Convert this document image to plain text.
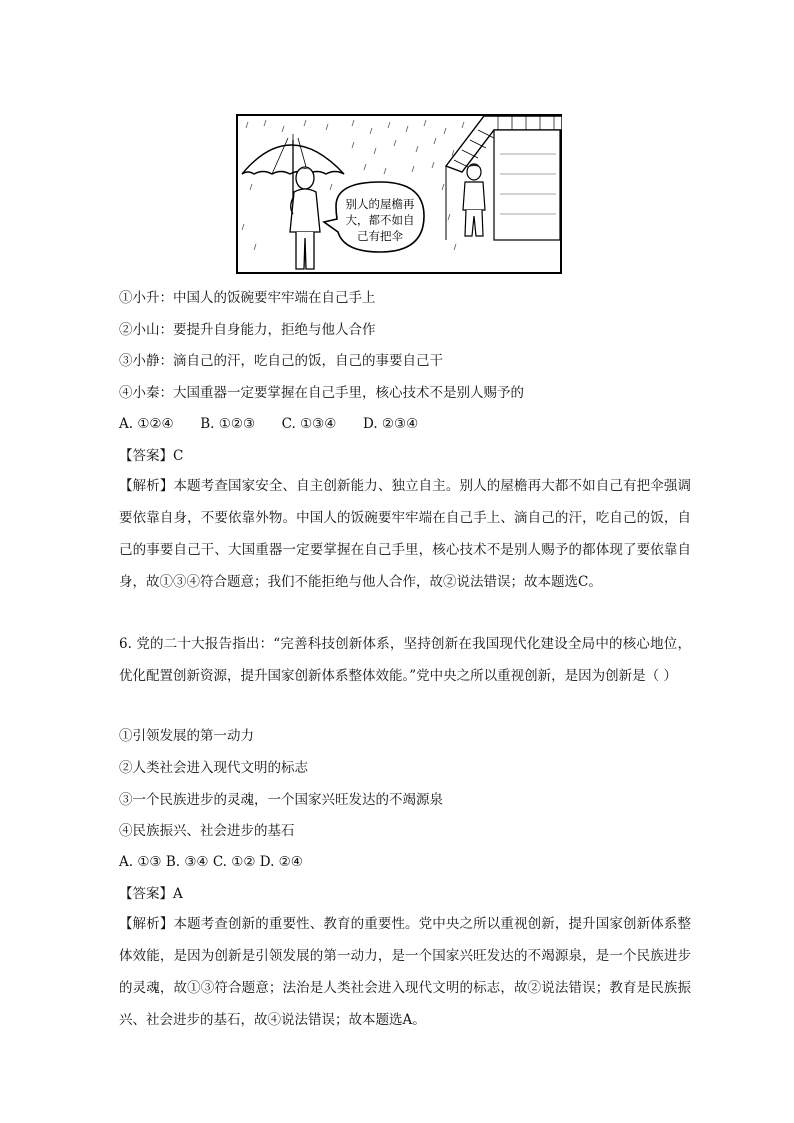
别人的屋檐再
大，都不如自
己有把伞
①小升：中国人的饭碗要牢牢端在自己手上
②小山：要提升自身能力，拒绝与他人合作
③小静：滴自己的汗，吃自己的饭，自己的事要自己干
④小秦：大国重器一定要掌握在自己手里，核心技术不是别人赐予的
A. ①②④ B. ①②③ C. ①③④ D. ②③④
【答案】C
【解析】本题考查国家安全、自主创新能力、独立自主。别人的屋檐再大都不如自己有把伞强调要依靠自身，不要依靠外物。中国人的饭碗要牢牢端在自己手上、滴自己的汗，吃自己的饭，自己的事要自己干、大国重器一定要掌握在自己手里，核心技术不是别人赐予的都体现了要依靠自身，故①③④符合题意；我们不能拒绝与他人合作，故②说法错误；故本题选C。
6. 党的二十大报告指出：“完善科技创新体系，坚持创新在我国现代化建设全局中的核心地位，优化配置创新资源，提升国家创新体系整体效能。”党中央之所以重视创新，是因为创新是（ ）
①引领发展的第一动力
②人类社会进入现代文明的标志
③一个民族进步的灵魂，一个国家兴旺发达的不竭源泉
④民族振兴、社会进步的基石
A. ①③ B. ③④ C. ①② D. ②④
【答案】A
【解析】本题考查创新的重要性、教育的重要性。党中央之所以重视创新，提升国家创新体系整体效能，是因为创新是引领发展的第一动力，是一个国家兴旺发达的不竭源泉，是一个民族进步的灵魂，故①③符合题意；法治是人类社会进入现代文明的标志，故②说法错误；教育是民族振兴、社会进步的基石，故④说法错误；故本题选A。
